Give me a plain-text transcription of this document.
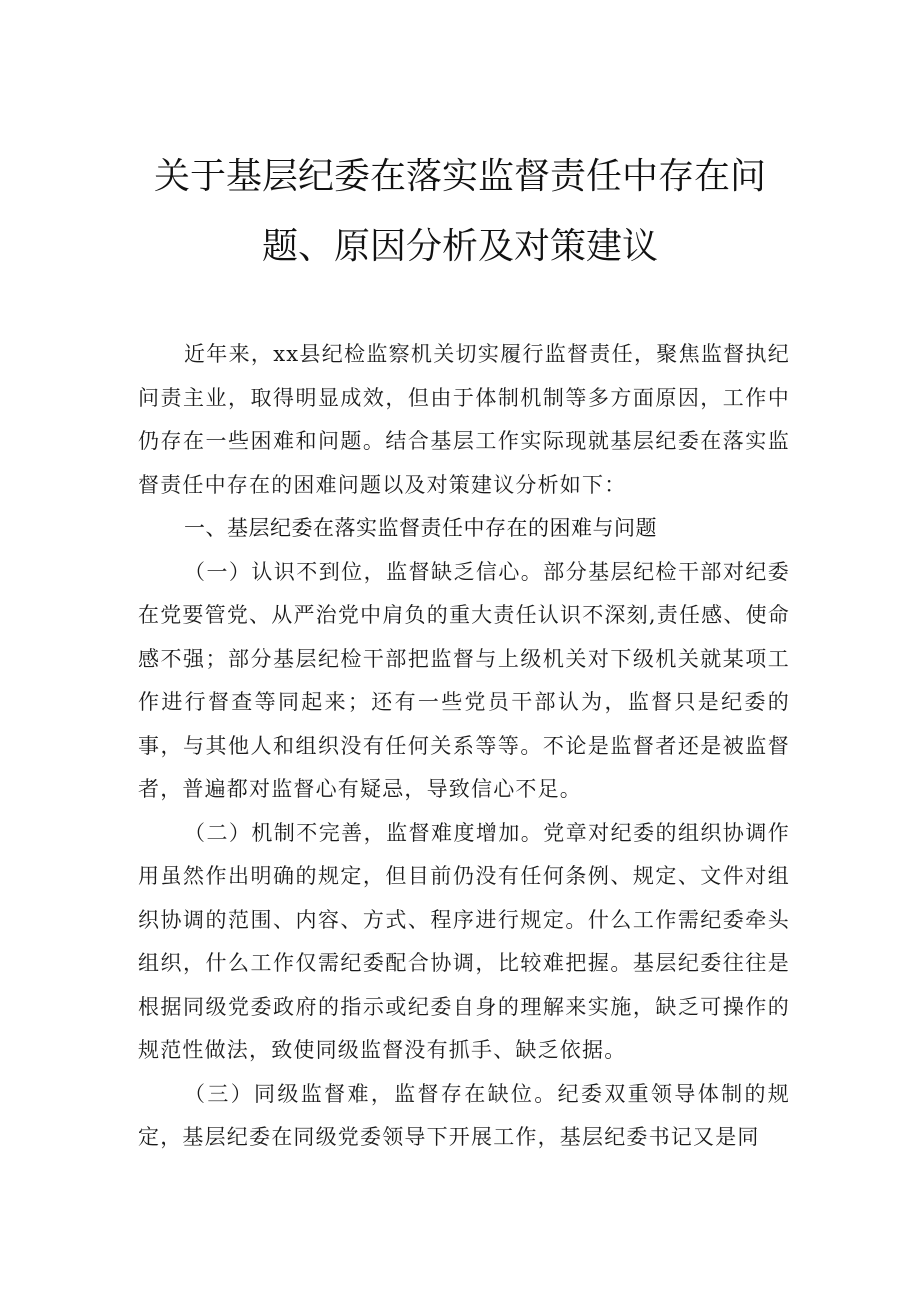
关于基层纪委在落实监督责任中存在问
题、原因分析及对策建议

近年来，xx县纪检监察机关切实履行监督责任，聚焦监督执纪问责主业，取得明显成效，但由于体制机制等多方面原因，工作中仍存在一些困难和问题。结合基层工作实际现就基层纪委在落实监督责任中存在的困难问题以及对策建议分析如下：

一、基层纪委在落实监督责任中存在的困难与问题

（一）认识不到位，监督缺乏信心。部分基层纪检干部对纪委在党要管党、从严治党中肩负的重大责任认识不深刻,责任感、使命感不强；部分基层纪检干部把监督与上级机关对下级机关就某项工作进行督查等同起来；还有一些党员干部认为，监督只是纪委的事，与其他人和组织没有任何关系等等。不论是监督者还是被监督者，普遍都对监督心有疑忌，导致信心不足。

（二）机制不完善，监督难度增加。党章对纪委的组织协调作用虽然作出明确的规定，但目前仍没有任何条例、规定、文件对组织协调的范围、内容、方式、程序进行规定。什么工作需纪委牵头组织，什么工作仅需纪委配合协调，比较难把握。基层纪委往往是根据同级党委政府的指示或纪委自身的理解来实施，缺乏可操作的规范性做法，致使同级监督没有抓手、缺乏依据。

（三）同级监督难，监督存在缺位。纪委双重领导体制的规定，基层纪委在同级党委领导下开展工作，基层纪委书记又是同
